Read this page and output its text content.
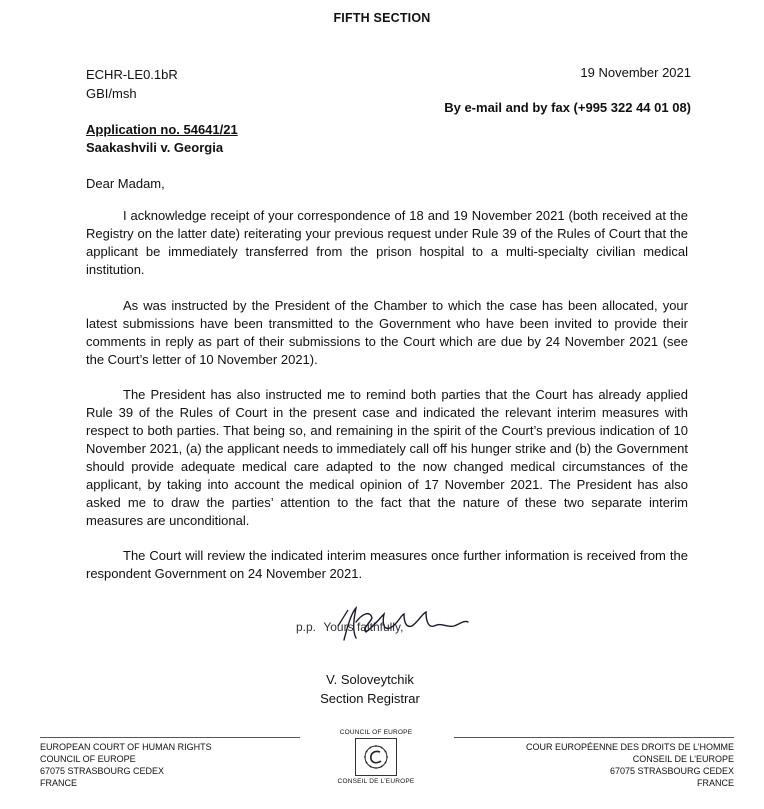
FIFTH SECTION
ECHR-LE0.1bR
GBI/msh
19 November 2021
By e-mail and by fax (+995 322 44 01 08)
Application no. 54641/21
Saakashvili v. Georgia
Dear Madam,

I acknowledge receipt of your correspondence of 18 and 19 November 2021 (both received at the Registry on the latter date) reiterating your previous request under Rule 39 of the Rules of Court that the applicant be immediately transferred from the prison hospital to a multi-specialty civilian medical institution.

As was instructed by the President of the Chamber to which the case has been allocated, your latest submissions have been transmitted to the Government who have been invited to provide their comments in reply as part of their submissions to the Court which are due by 24 November 2021 (see the Court’s letter of 10 November 2021).

The President has also instructed me to remind both parties that the Court has already applied Rule 39 of the Rules of Court in the present case and indicated the relevant interim measures with respect to both parties. That being so, and remaining in the spirit of the Court’s previous indication of 10 November 2021, (a) the applicant needs to immediately call off his hunger strike and (b) the Government should provide adequate medical care adapted to the now changed medical circumstances of the applicant, by taking into account the medical opinion of 17 November 2021. The President has also asked me to draw the parties’ attention to the fact that the nature of these two separate interim measures are unconditional.

The Court will review the indicated interim measures once further information is received from the respondent Government on 24 November 2021.

p.p. Yours faithfully,
V. Soloveytchik
Section Registrar
EUROPEAN COURT OF HUMAN RIGHTS
COUNCIL OF EUROPE
67075 STRASBOURG CEDEX
FRANCE
COUNCIL OF EUROPE
CONSEIL DE L’EUROPE
COUR EUROPÉENNE DES DROITS DE L’HOMME
CONSEIL DE L’EUROPE
67075 STRASBOURG CEDEX
FRANCE
